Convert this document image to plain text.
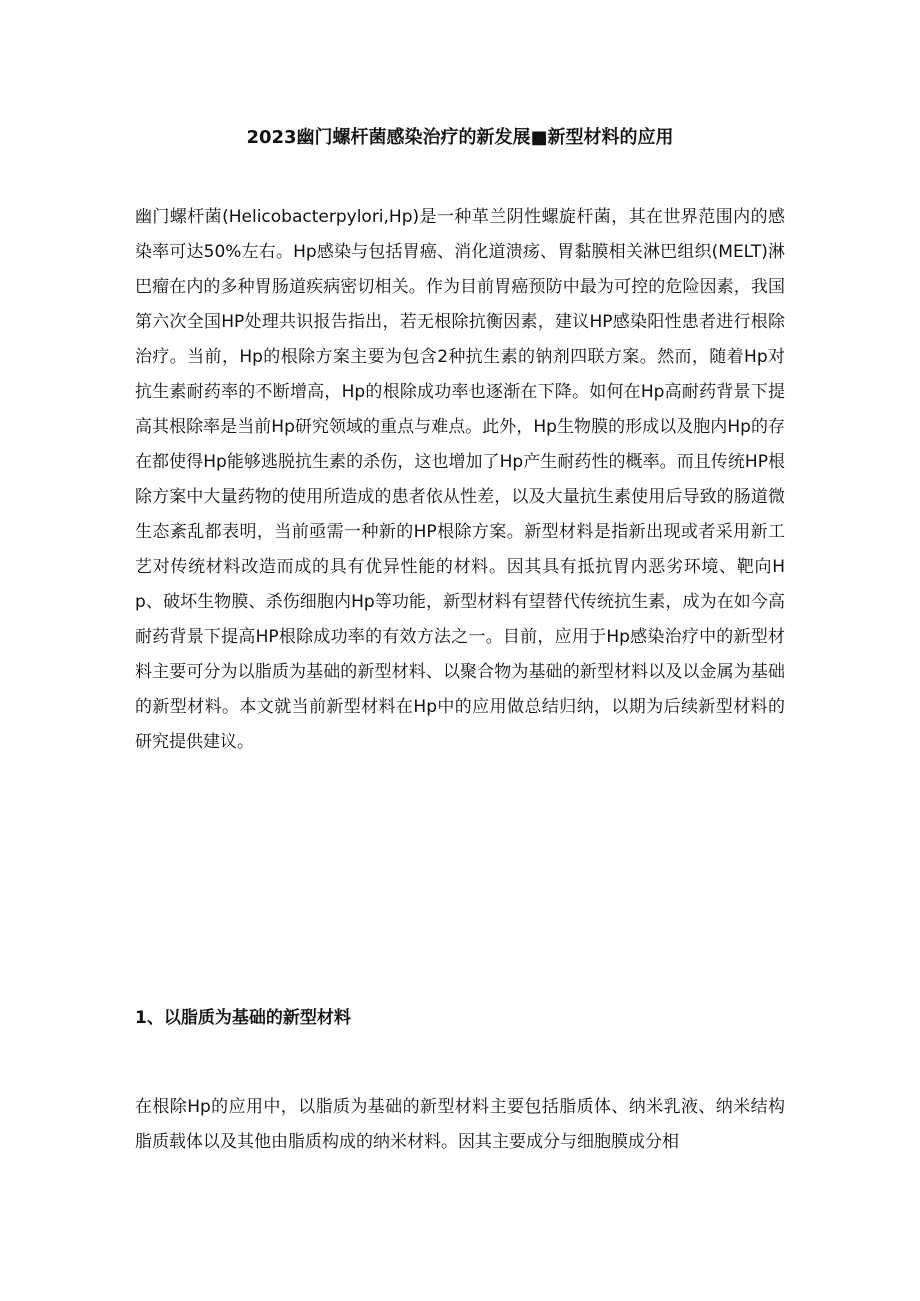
2023幽门螺杆菌感染治疗的新发展■新型材料的应用

幽门螺杆菌(Helicobacterpylori,Hp)是一种革兰阴性螺旋杆菌，其在世界范围内的感染率可达50%左右。Hp感染与包括胃癌、消化道溃疡、胃黏膜相关淋巴组织(MELT)淋巴瘤在内的多种胃肠道疾病密切相关。作为目前胃癌预防中最为可控的危险因素，我国第六次全国HP处理共识报告指出，若无根除抗衡因素，建议HP感染阳性患者进行根除治疗。当前，Hp的根除方案主要为包含2种抗生素的钠剂四联方案。然而，随着Hp对抗生素耐药率的不断增高，Hp的根除成功率也逐渐在下降。如何在Hp高耐药背景下提高其根除率是当前Hp研究领域的重点与难点。此外，Hp生物膜的形成以及胞内Hp的存在都使得Hp能够逃脱抗生素的杀伤，这也增加了Hp产生耐药性的概率。而且传统HP根除方案中大量药物的使用所造成的患者依从性差，以及大量抗生素使用后导致的肠道微生态紊乱都表明，当前亟需一种新的HP根除方案。新型材料是指新出现或者采用新工艺对传统材料改造而成的具有优异性能的材料。因其具有抵抗胃内恶劣环境、靶向Hp、破坏生物膜、杀伤细胞内Hp等功能，新型材料有望替代传统抗生素，成为在如今高耐药背景下提高HP根除成功率的有效方法之一。目前，应用于Hp感染治疗中的新型材料主要可分为以脂质为基础的新型材料、以聚合物为基础的新型材料以及以金属为基础的新型材料。本文就当前新型材料在Hp中的应用做总结归纳，以期为后续新型材料的研究提供建议。

1、以脂质为基础的新型材料

在根除Hp的应用中，以脂质为基础的新型材料主要包括脂质体、纳米乳液、纳米结构脂质载体以及其他由脂质构成的纳米材料。因其主要成分与细胞膜成分相
